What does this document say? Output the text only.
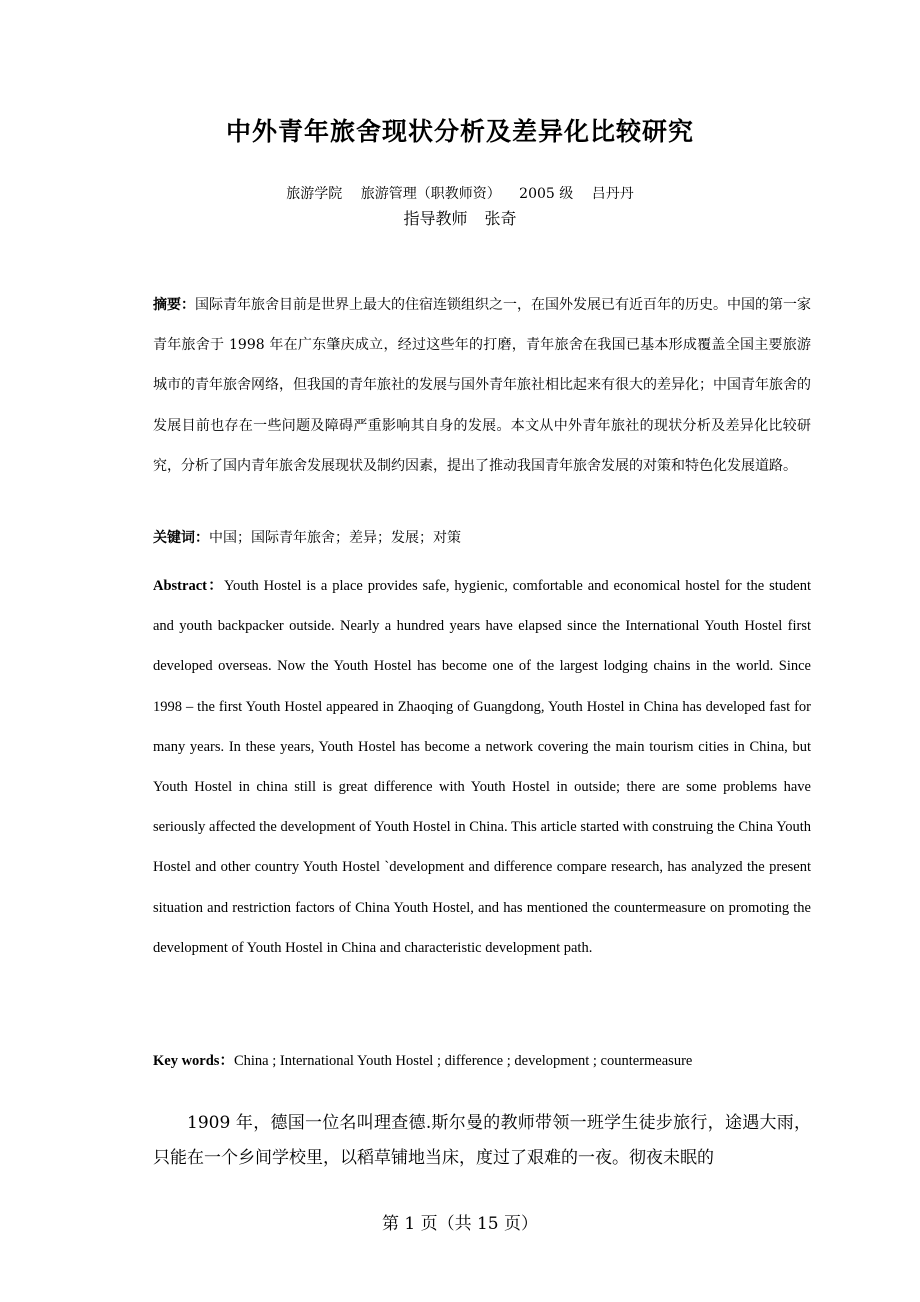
中外青年旅舍现状分析及差异化比较研究
旅游学院 旅游管理（职教师资） 2005 级 吕丹丹
指导教师 张奇
摘要：国际青年旅舍目前是世界上最大的住宿连锁组织之一，在国外发展已有近百年的历史。中国的第一家青年旅舍于 1998 年在广东肇庆成立，经过这些年的打磨，青年旅舍在我国已基本形成覆盖全国主要旅游城市的青年旅舍网络，但我国的青年旅社的发展与国外青年旅社相比起来有很大的差异化；中国青年旅舍的发展目前也存在一些问题及障碍严重影响其自身的发展。本文从中外青年旅社的现状分析及差异化比较研究，分析了国内青年旅舍发展现状及制约因素，提出了推动我国青年旅舍发展的对策和特色化发展道路。
关键词：中国；国际青年旅舍；差异；发展；对策
Abstract：Youth Hostel is a place provides safe, hygienic, comfortable and economical hostel for the student and youth backpacker outside. Nearly a hundred years have elapsed since the International Youth Hostel first developed overseas. Now the Youth Hostel has become one of the largest lodging chains in the world. Since 1998 – the first Youth Hostel appeared in Zhaoqing of Guangdong, Youth Hostel in China has developed fast for many years. In these years, Youth Hostel has become a network covering the main tourism cities in China, but Youth Hostel in china still is great difference with Youth Hostel in outside; there are some problems have seriously affected the development of Youth Hostel in China. This article started with construing the China Youth Hostel and other country Youth Hostel `development and difference compare research, has analyzed the present situation and restriction factors of China Youth Hostel, and has mentioned the countermeasure on promoting the development of Youth Hostel in China and characteristic development path.
Key words：China ; International Youth Hostel ; difference ; development ; countermeasure
1909 年，德国一位名叫理查德.斯尔曼的教师带领一班学生徒步旅行，途遇大雨，只能在一个乡间学校里，以稻草铺地当床，度过了艰难的一夜。彻夜未眠的
第 1 页（共 15 页）
